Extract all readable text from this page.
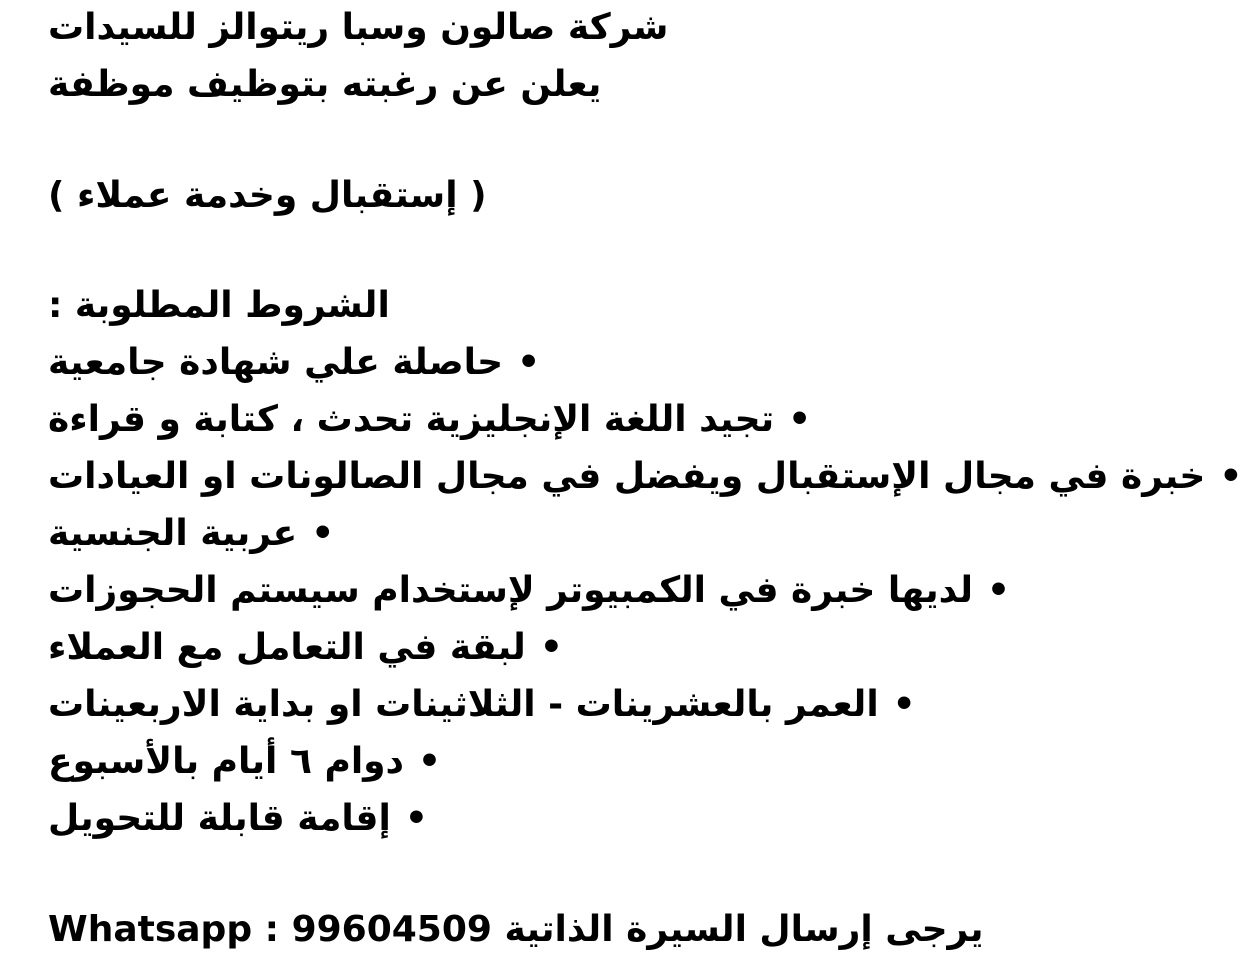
شركة صالون وسبا ريتوالز للسيدات
يعلن عن رغبته بتوظيف موظفة
( إستقبال وخدمة عملاء )
الشروط المطلوبة :
•حاصلة علي شهادة جامعية
•تجيد اللغة الإنجليزية تحدث ، كتابة و قراءة
•خبرة في مجال الإستقبال ويفضل في مجال الصالونات او العيادات
•عربية الجنسية
•لديها خبرة في الكمبيوتر لإستخدام سيستم الحجوزات
•لبقة في التعامل مع العملاء
•العمر بالعشرينات - الثلاثينات او بداية الاربعينات
•دوام ٦ أيام بالأسبوع
•إقامة قابلة للتحويل
Whatsapp : 99604509 يرجى إرسال السيرة الذاتية
